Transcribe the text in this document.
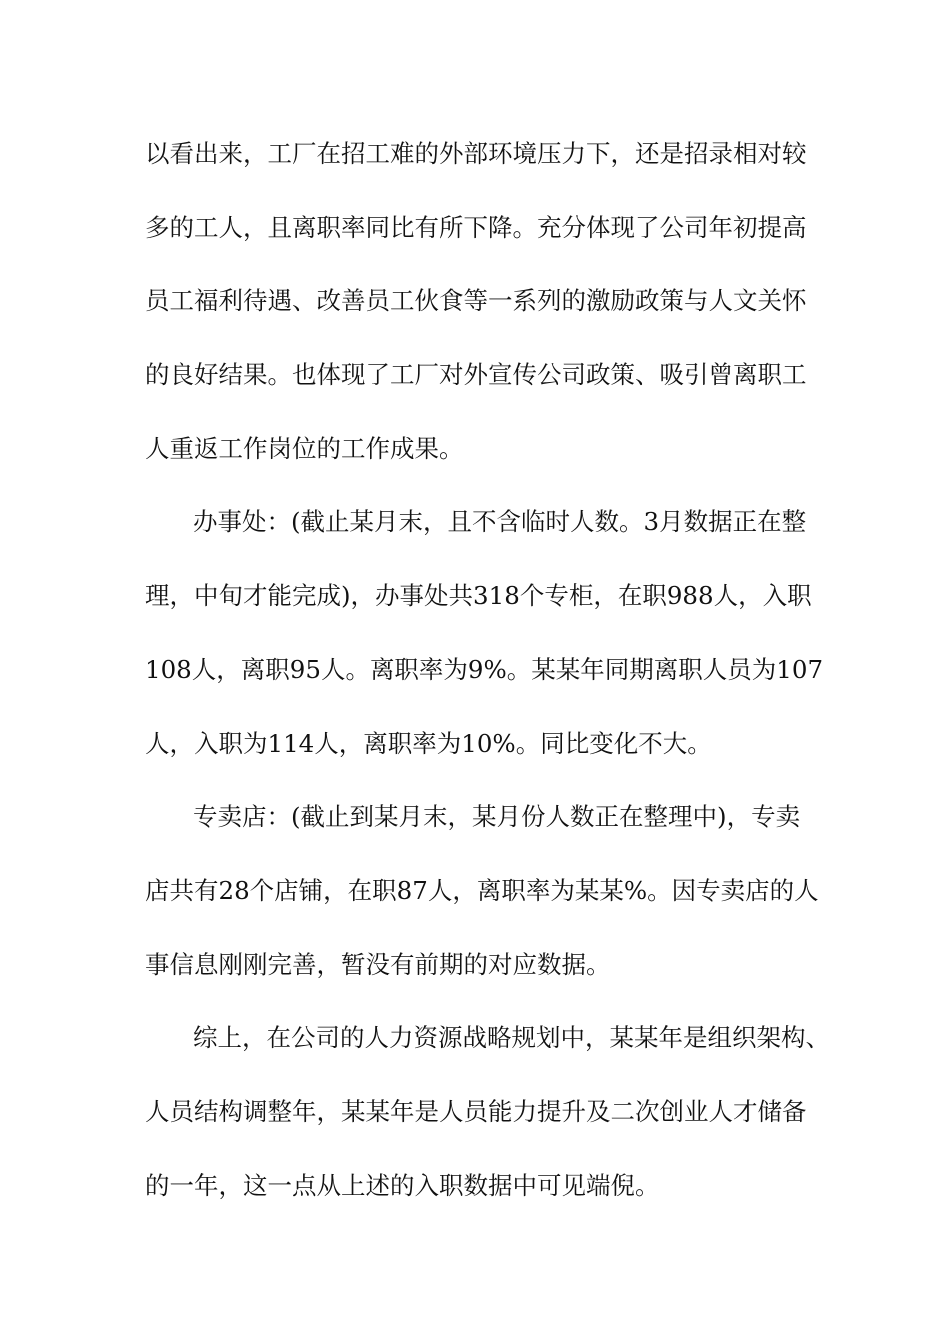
以看出来，工厂在招工难的外部环境压力下，还是招录相对较
多的工人，且离职率同比有所下降。充分体现了公司年初提高
员工福利待遇、改善员工伙食等一系列的激励政策与人文关怀
的良好结果。也体现了工厂对外宣传公司政策、吸引曾离职工
人重返工作岗位的工作成果。
办事处：(截止某月末，且不含临时人数。3月数据正在整
理，中旬才能完成)，办事处共318个专柜，在职988人，入职
108人，离职95人。离职率为9%。某某年同期离职人员为107
人，入职为114人，离职率为10%。同比变化不大。
专卖店：(截止到某月末，某月份人数正在整理中)，专卖
店共有28个店铺，在职87人，离职率为某某%。因专卖店的人
事信息刚刚完善，暂没有前期的对应数据。
综上，在公司的人力资源战略规划中，某某年是组织架构、
人员结构调整年，某某年是人员能力提升及二次创业人才储备
的一年，这一点从上述的入职数据中可见端倪。
